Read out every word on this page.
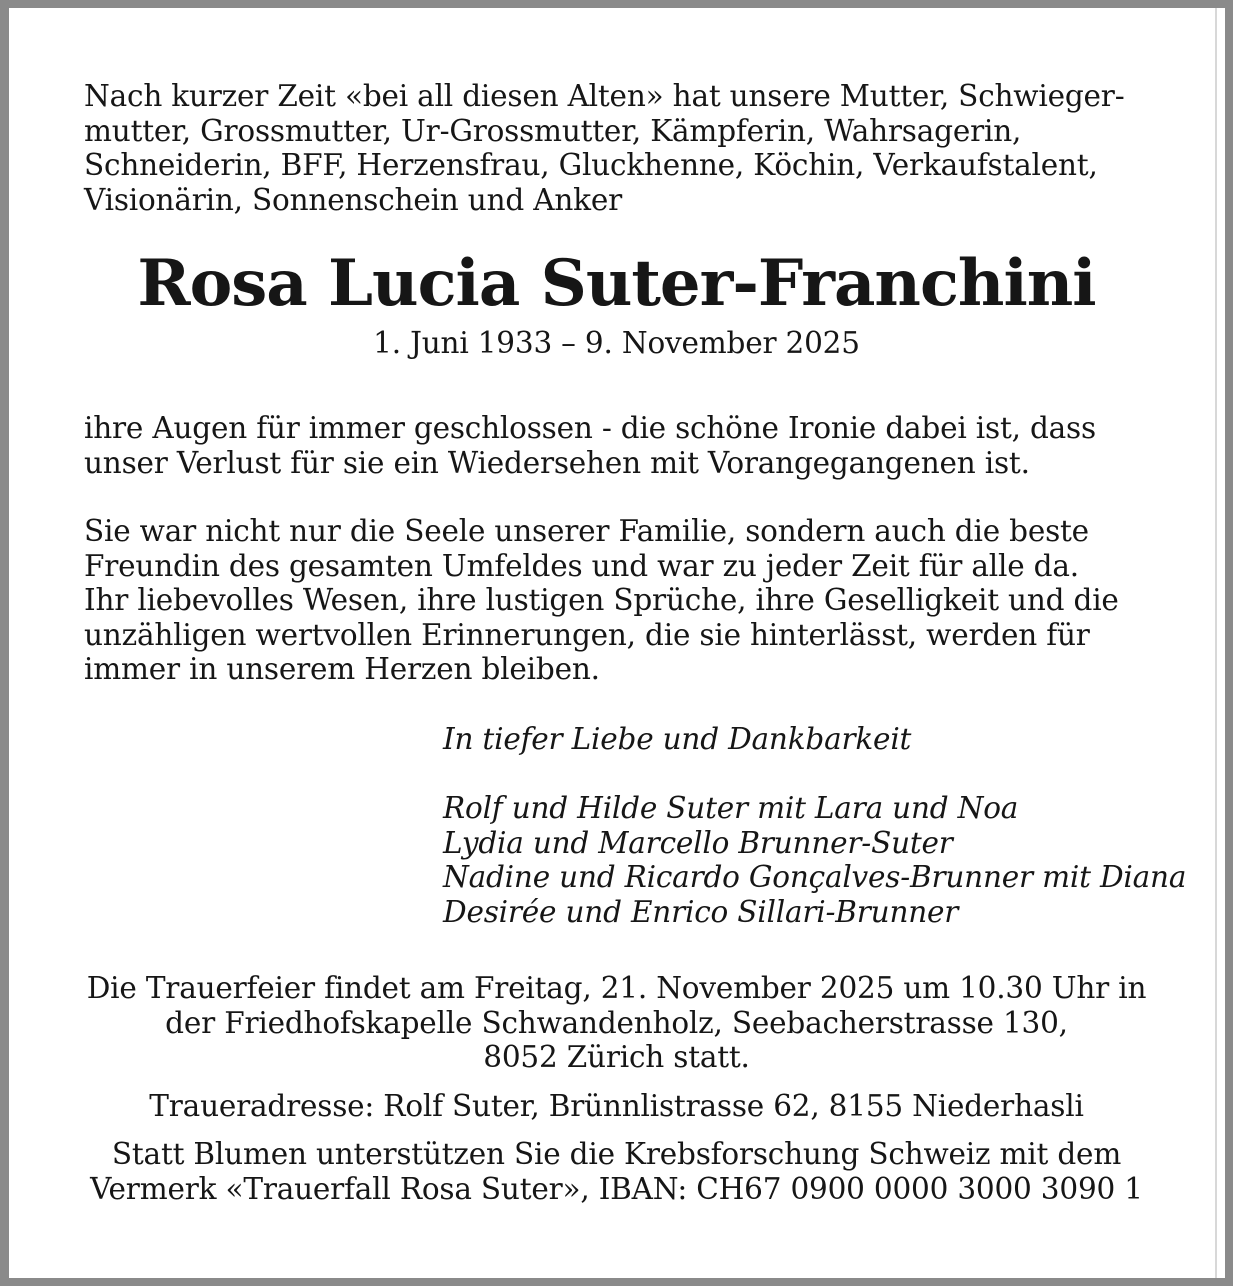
Nach kurzer Zeit «bei all diesen Alten» hat unsere Mutter, Schwieger-
mutter, Grossmutter, Ur-Grossmutter, Kämpferin, Wahrsagerin,
Schneiderin, BFF, Herzensfrau, Gluckhenne, Köchin, Verkaufstalent,
Visionärin, Sonnenschein und Anker
Rosa Lucia Suter-Franchini
1. Juni 1933 – 9. November 2025
ihre Augen für immer geschlossen - die schöne Ironie dabei ist, dass
unser Verlust für sie ein Wiedersehen mit Vorangegangenen ist.
Sie war nicht nur die Seele unserer Familie, sondern auch die beste
Freundin des gesamten Umfeldes und war zu jeder Zeit für alle da.
Ihr liebevolles Wesen, ihre lustigen Sprüche, ihre Geselligkeit und die
unzähligen wertvollen Erinnerungen, die sie hinterlässt, werden für
immer in unserem Herzen bleiben.
In tiefer Liebe und Dankbarkeit
Rolf und Hilde Suter mit Lara und Noa
Lydia und Marcello Brunner-Suter
Nadine und Ricardo Gonçalves-Brunner mit Diana
Desirée und Enrico Sillari-Brunner
Die Trauerfeier findet am Freitag, 21. November 2025 um 10.30 Uhr in
der Friedhofskapelle Schwandenholz, Seebacherstrasse 130,
8052 Zürich statt.
Traueradresse: Rolf Suter, Brünnlistrasse 62, 8155 Niederhasli
Statt Blumen unterstützen Sie die Krebsforschung Schweiz mit dem
Vermerk «Trauerfall Rosa Suter», IBAN: CH67 0900 0000 3000 3090 1
